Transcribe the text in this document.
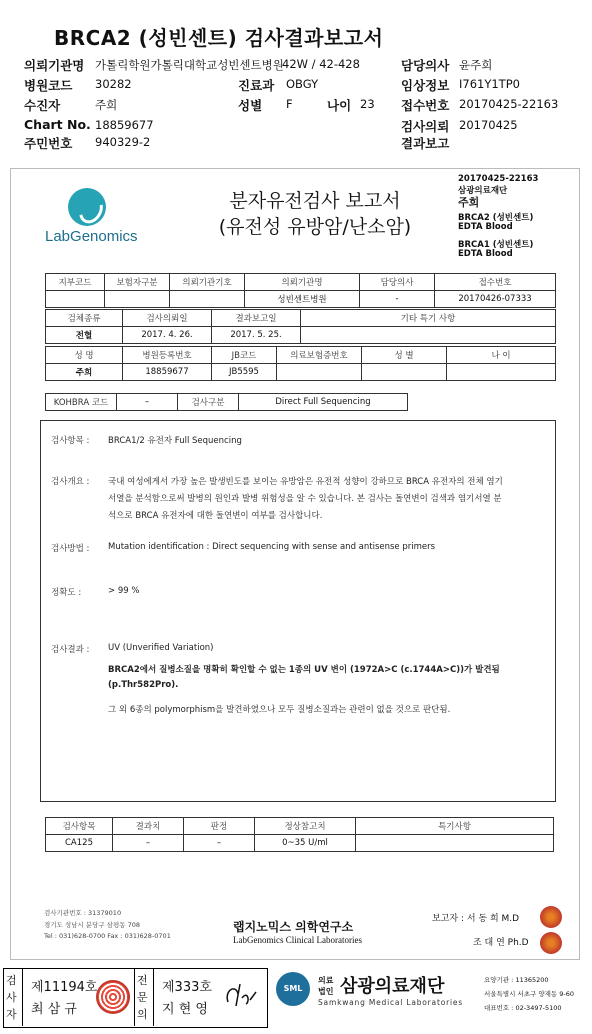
BRCA2 (성빈센트) 검사결과보고서
의뢰기관명 가톨릭학원가톨릭대학교성빈센트병원
42W / 42-428	담당의사 윤주희
병원코드 30282	진료과 OBGY	임상정보 I761Y1TP0
수진자	주희	성별 F	나이 23 접수번호 20170425-22163
Chart No. 18859677	검사의뢰 20170425
주민번호 940329-2	결과보고
LabGenomics
분자유전검사 보고서
(유전성 유방암/난소암)
20170425-22163
삼광의료재단
주희
BRCA2 (성빈센트)
EDTA Blood
BRCA1 (성빈센트)
EDTA Blood
지부코드	보험자구분	의뢰기관기호	의뢰기관명	담당의사	접수번호
			성빈센트병원	-	20170426-07333
검체종류	검사의뢰일	결과보고일	기타 특기 사항
전혈	2017. 4. 26.	2017. 5. 25.	
성 명	병원등록번호	JB코드	의료보험증번호	성 별	나 이
주희	18859677	JB5595			
KOHBRA 코드	–	검사구분	Direct Full Sequencing
검사항목 : BRCA1/2 유전자 Full Sequencing
검사개요 : 국내 여성에게서 가장 높은 발생빈도를 보이는 유방암은 유전적 성향이 강하므로 BRCA 유전자의 전체 염기
서열을 분석함으로써 발병의 원인과 발병 위험성을 알 수 있습니다. 본 검사는 돌연변이 검색과 염기서열 분
석으로 BRCA 유전자에 대한 돌연변이 여부를 검사합니다.
검사방법 : Mutation identification : Direct sequencing with sense and antisense primers
정확도 :	> 99 %
검사결과 : UV (Unverified Variation)
BRCA2에서 질병소질을 명확히 확인할 수 없는 1종의 UV 변이 (1972A>C (c.1744A>C))가 발견됨
(p.Thr582Pro).
그 외 6종의 polymorphism을 발견하였으나 모두 질병소질과는 관련이 없을 것으로 판단됨.
검사항목	결과치	판정	정상참고치	특기사항
CA125	–	–	0~35 U/ml	
검사기관번호 : 31379010
경기도 성남시 분당구 삼평동 708
Tel : 031)628-0700 Fax : 031)628-0701
랩지노믹스 의학연구소
LabGenomics Clinical Laboratories
보고자 : 서 동 희 M.D
조 대 연 Ph.D
검사자
제11194호
최 삼 규
전문의
제333호
지 현 영
SML
의료
법인 삼광의료재단
Samkwang Medical Laboratories
요양기관 : 11365200
서울특별시 서초구 양재동 9-60
대표번호 : 02-3497-5100
